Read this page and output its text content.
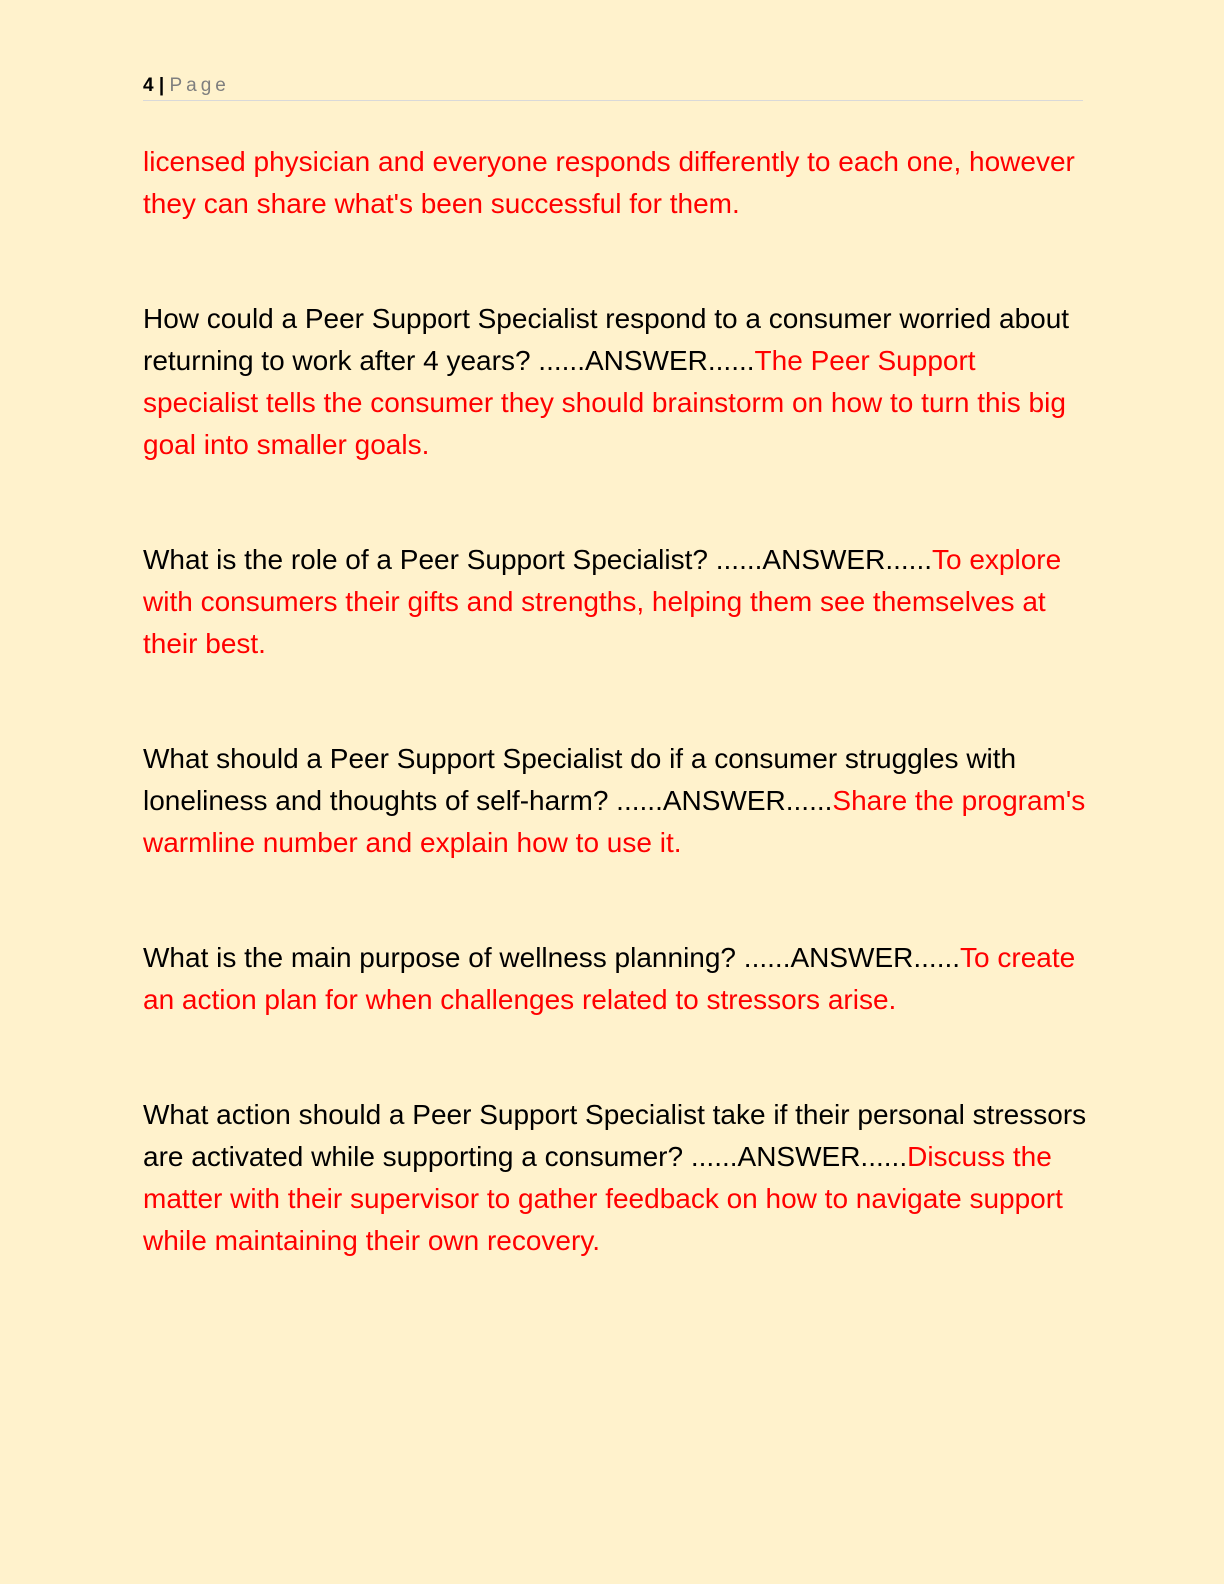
4 | Page

licensed physician and everyone responds differently to each one, however they can share what's been successful for them.

How could a Peer Support Specialist respond to a consumer worried about returning to work after 4 years? ......ANSWER......The Peer Support specialist tells the consumer they should brainstorm on how to turn this big goal into smaller goals.

What is the role of a Peer Support Specialist? ......ANSWER......To explore with consumers their gifts and strengths, helping them see themselves at their best.

What should a Peer Support Specialist do if a consumer struggles with loneliness and thoughts of self-harm? ......ANSWER......Share the program's warmline number and explain how to use it.

What is the main purpose of wellness planning? ......ANSWER......To create an action plan for when challenges related to stressors arise.

What action should a Peer Support Specialist take if their personal stressors are activated while supporting a consumer? ......ANSWER......Discuss the matter with their supervisor to gather feedback on how to navigate support while maintaining their own recovery.
